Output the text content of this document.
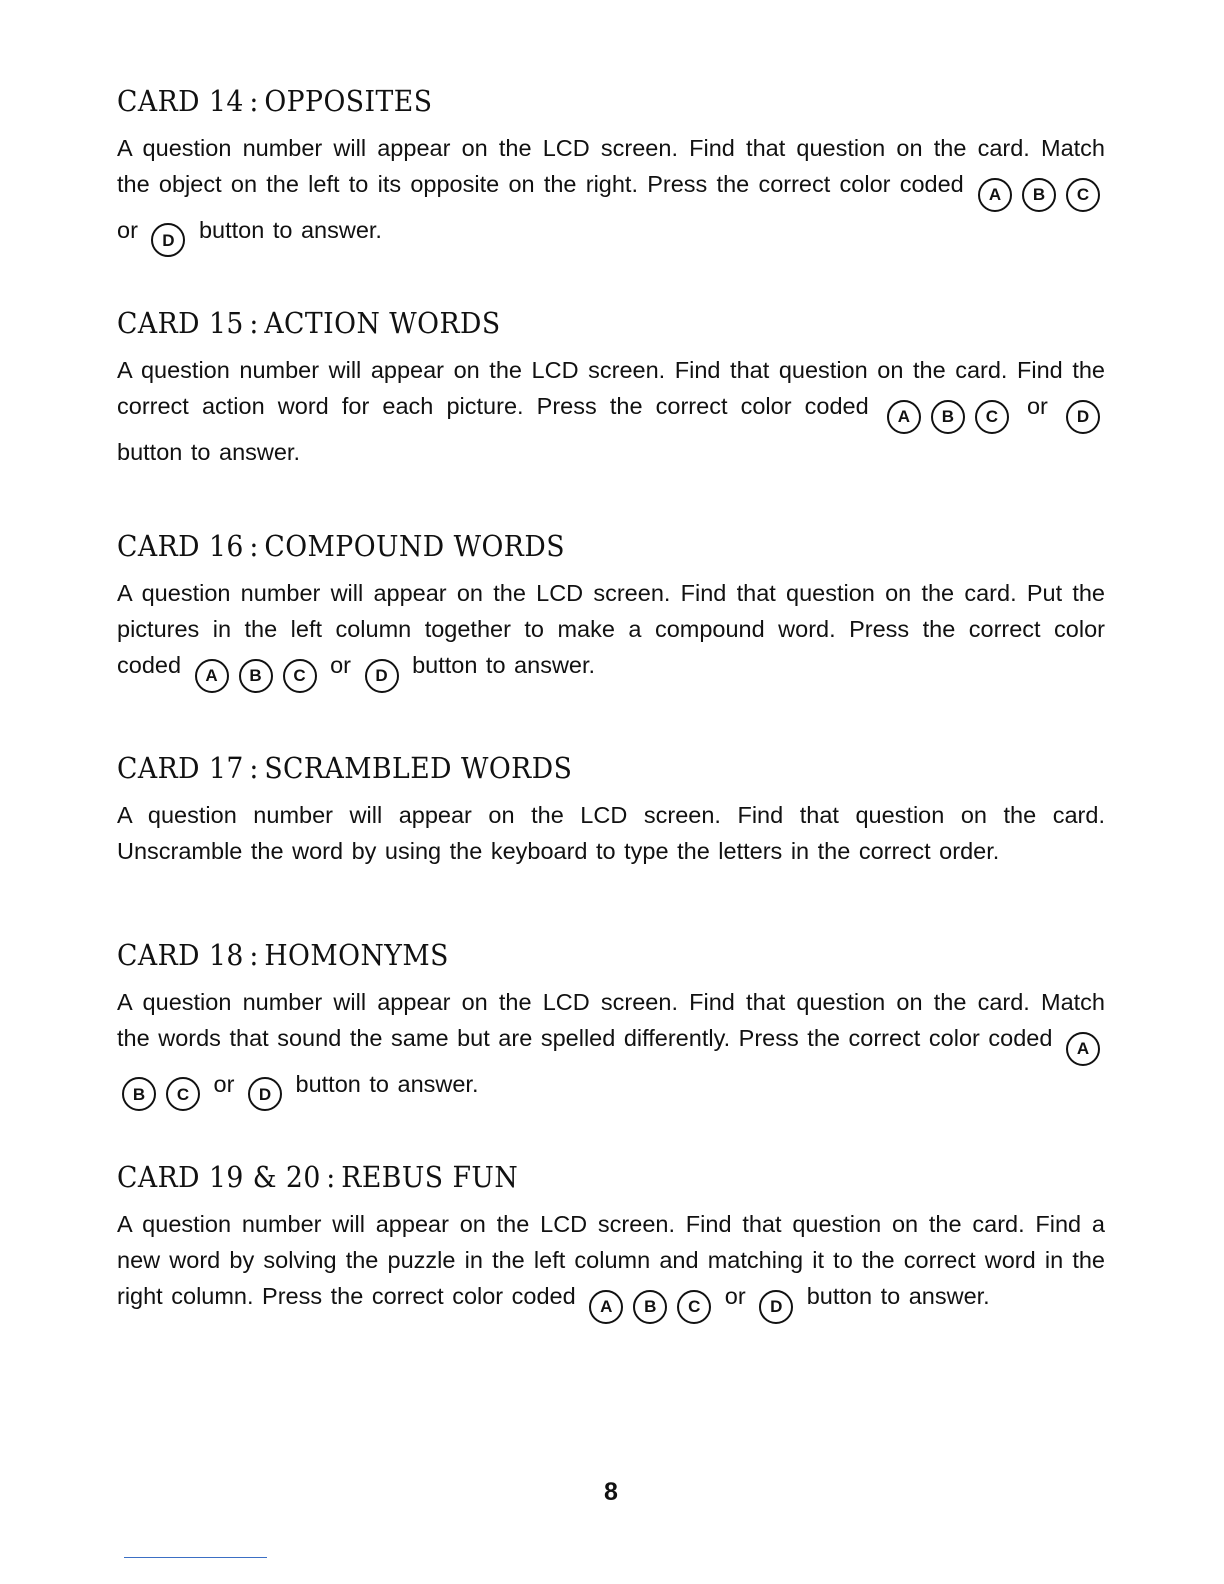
CARD 14 : OPPOSITES

A question number will appear on the LCD screen. Find that question on the card. Match the object on the left to its opposite on the right. Press the correct color coded A B C or D button to answer.

CARD 15 : ACTION WORDS

A question number will appear on the LCD screen. Find that question on the card. Find the correct action word for each picture. Press the correct color coded A B C or D button to answer.

CARD 16 : COMPOUND WORDS

A question number will appear on the LCD screen. Find that question on the card. Put the pictures in the left column together to make a compound word. Press the correct color coded A B C or D button to answer.

CARD 17 : SCRAMBLED WORDS

A question number will appear on the LCD screen. Find that question on the card. Unscramble the word by using the keyboard to type the letters in the correct order.

CARD 18 : HOMONYMS

A question number will appear on the LCD screen. Find that question on the card. Match the words that sound the same but are spelled differently. Press the correct color coded AB C or D button to answer.

CARD 19 & 20 : REBUS FUN

A question number will appear on the LCD screen. Find that question on the card. Find a new word by solving the puzzle in the left column and matching it to the correct word in the right column. Press the correct color coded A B C or D button to answer.

8
